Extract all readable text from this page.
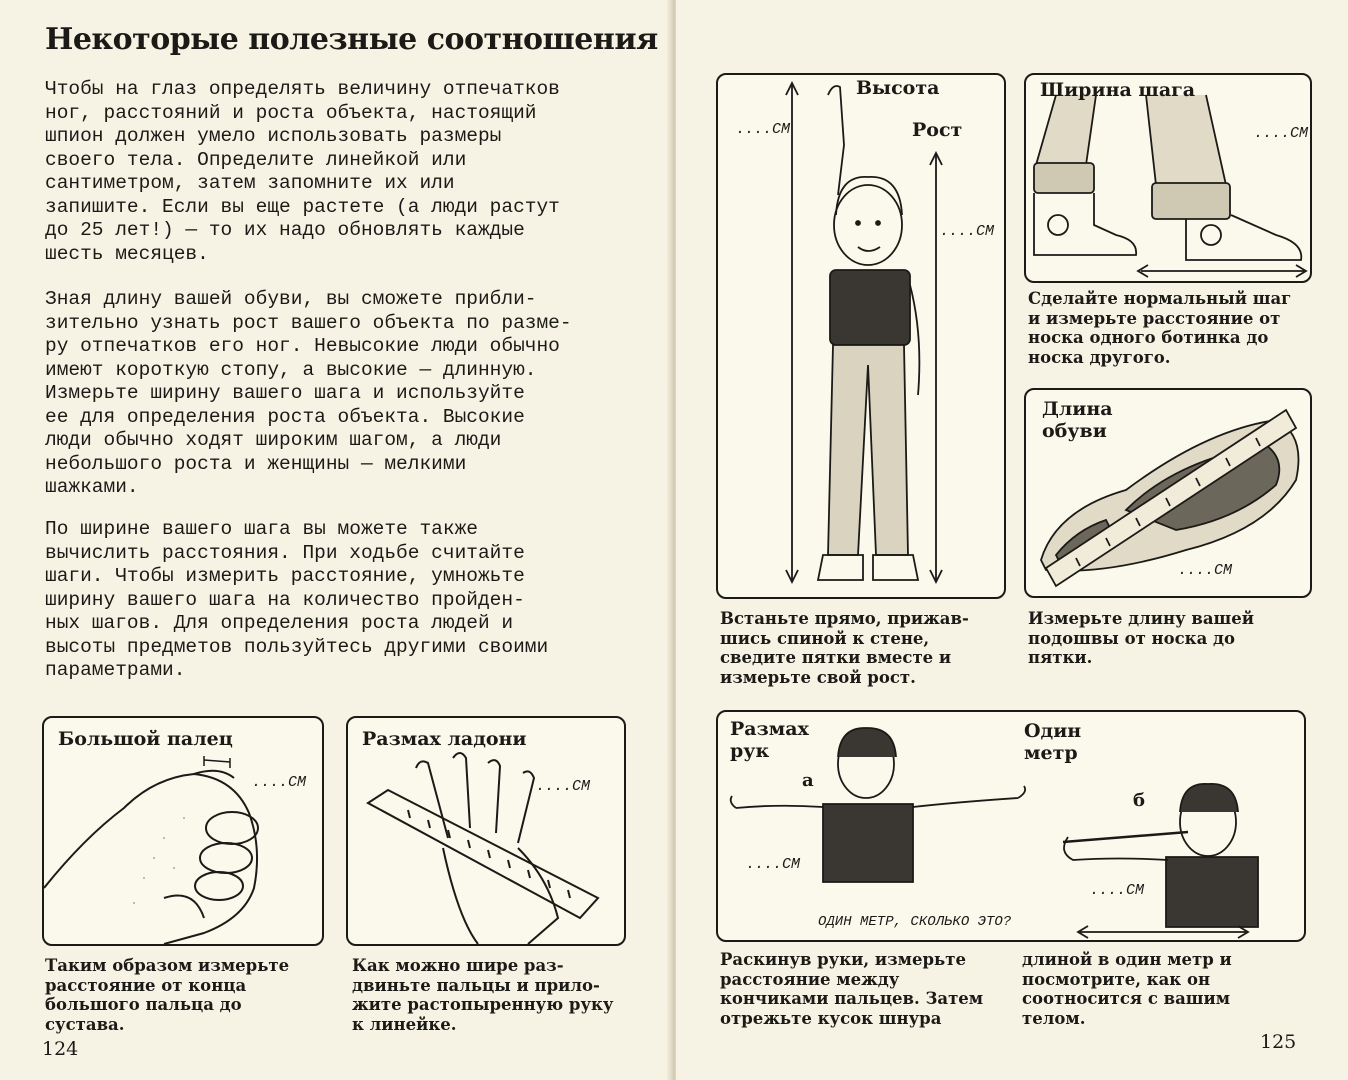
Некоторые полезные соотношения
Чтобы на глаз определять величину отпечатков
ног, расстояний и роста объекта, настоящий
шпион должен умело использовать размеры
своего тела. Определите линейкой или
сантиметром, затем запомните их или
запишите. Если вы еще растете (а люди растут
до 25 лет!) — то их надо обновлять каждые
шесть месяцев.
Зная длину вашей обуви, вы сможете прибли-
зительно узнать рост вашего объекта по разме-
ру отпечатков его ног. Невысокие люди обычно
имеют короткую стопу, а высокие — длинную.
Измерьте ширину вашего шага и используйте
ее для определения роста объекта. Высокие
люди обычно ходят широким шагом, а люди
небольшого роста и женщины — мелкими
шажками.
По ширине вашего шага вы можете также
вычислить расстояния. При ходьбе считайте
шаги. Чтобы измерить расстояние, умножьте
ширину вашего шага на количество пройден-
ных шагов. Для определения роста людей и
высоты предметов пользуйтесь другими своими
параметрами.
Большой палец
....СМ
Таким образом измерьте
расстояние от конца
большого пальца до
сустава.
Размах ладони
....СМ
Как можно шире раз-
двиньте пальцы и прило-
жите растопыренную руку
к линейке.
124
Высота
Рост
....СМ
....СМ
Встаньте прямо, прижав-
шись спиной к стене,
сведите пятки вместе и
измерьте свой рост.
Ширина шага
....СМ
Сделайте нормальный шаг
и измерьте расстояние от
носка одного ботинка до
носка другого.
Длина
обуви
....СМ
Измерьте длину вашей
подошвы от носка до
пятки.
Размах
рук
Один
метр
а
б
....СМ
....СМ
ОДИН МЕТР, СКОЛЬКО ЭТО?
Раскинув руки, измерьте
расстояние между
кончиками пальцев. Затем
отрежьте кусок шнура
длиной в один метр и
посмотрите, как он
соотносится с вашим
телом.
125
